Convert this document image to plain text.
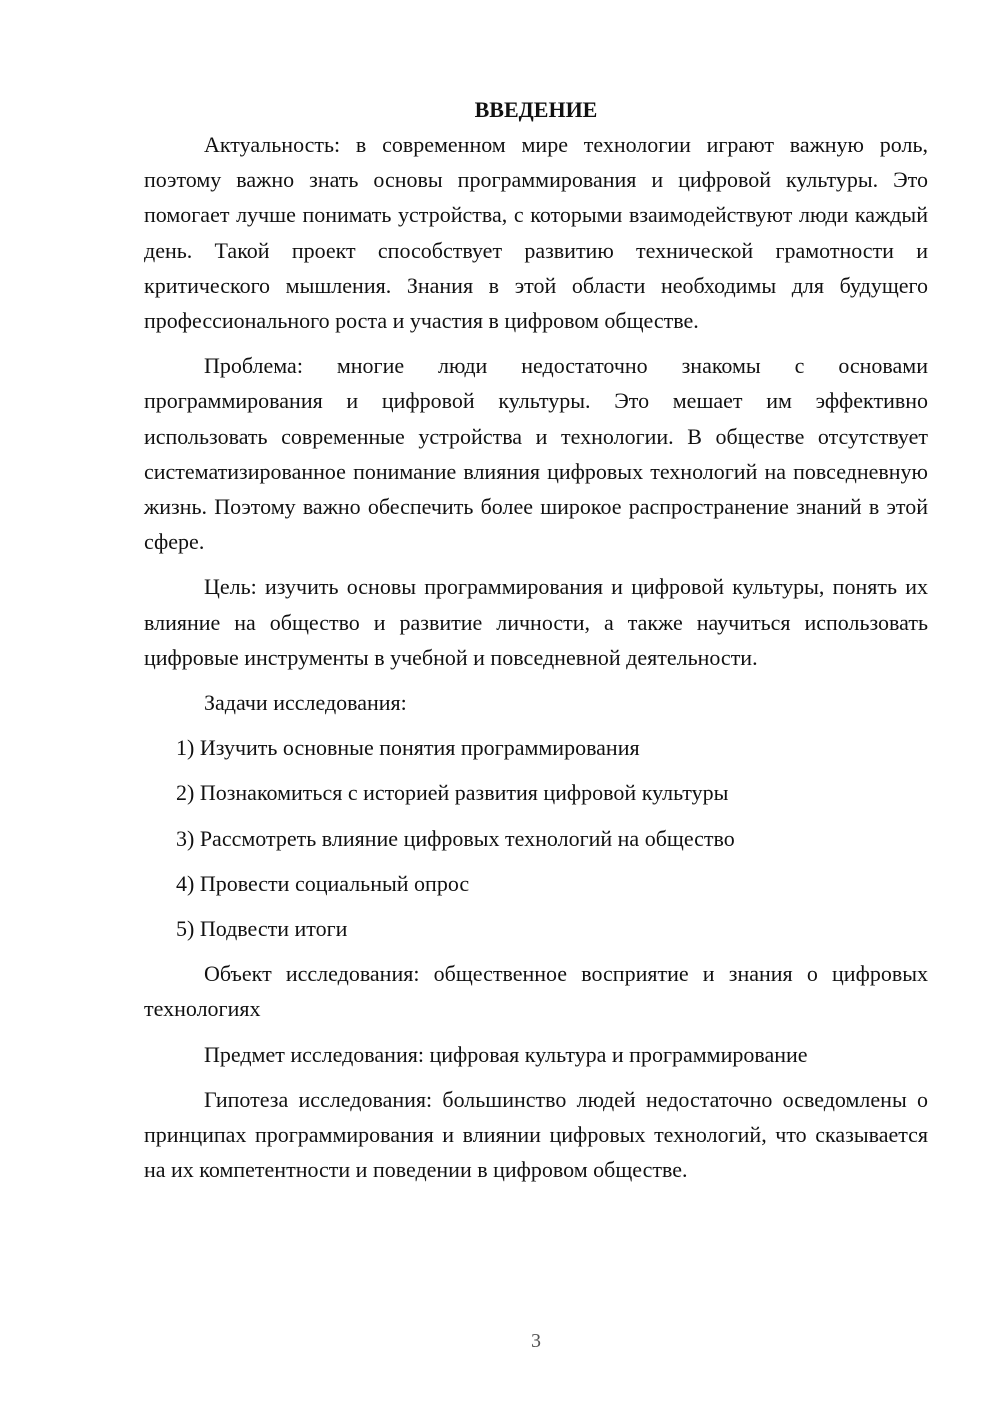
ВВЕДЕНИЕ

Актуальность: в современном мире технологии играют важную роль, поэтому важно знать основы программирования и цифровой культуры. Это помогает лучше понимать устройства, с которыми взаимодействуют люди каждый день. Такой проект способствует развитию технической грамотности и критического мышления. Знания в этой области необходимы для будущего профессионального роста и участия в цифровом обществе.

Проблема: многие люди недостаточно знакомы с основами программирования и цифровой культуры. Это мешает им эффективно использовать современные устройства и технологии. В обществе отсутствует систематизированное понимание влияния цифровых технологий на повседневную жизнь. Поэтому важно обеспечить более широкое распространение знаний в этой сфере.

Цель: изучить основы программирования и цифровой культуры, понять их влияние на общество и развитие личности, а также научиться использовать цифровые инструменты в учебной и повседневной деятельности.

Задачи исследования:

1) Изучить основные понятия программирования
2) Познакомиться с историей развития цифровой культуры
3) Рассмотреть влияние цифровых технологий на общество
4) Провести социальный опрос
5) Подвести итоги

Объект исследования: общественное восприятие и знания о цифровых технологиях

Предмет исследования: цифровая культура и программирование

Гипотеза исследования: большинство людей недостаточно осведомлены о принципах программирования и влиянии цифровых технологий, что сказывается на их компетентности и поведении в цифровом обществе.

3
